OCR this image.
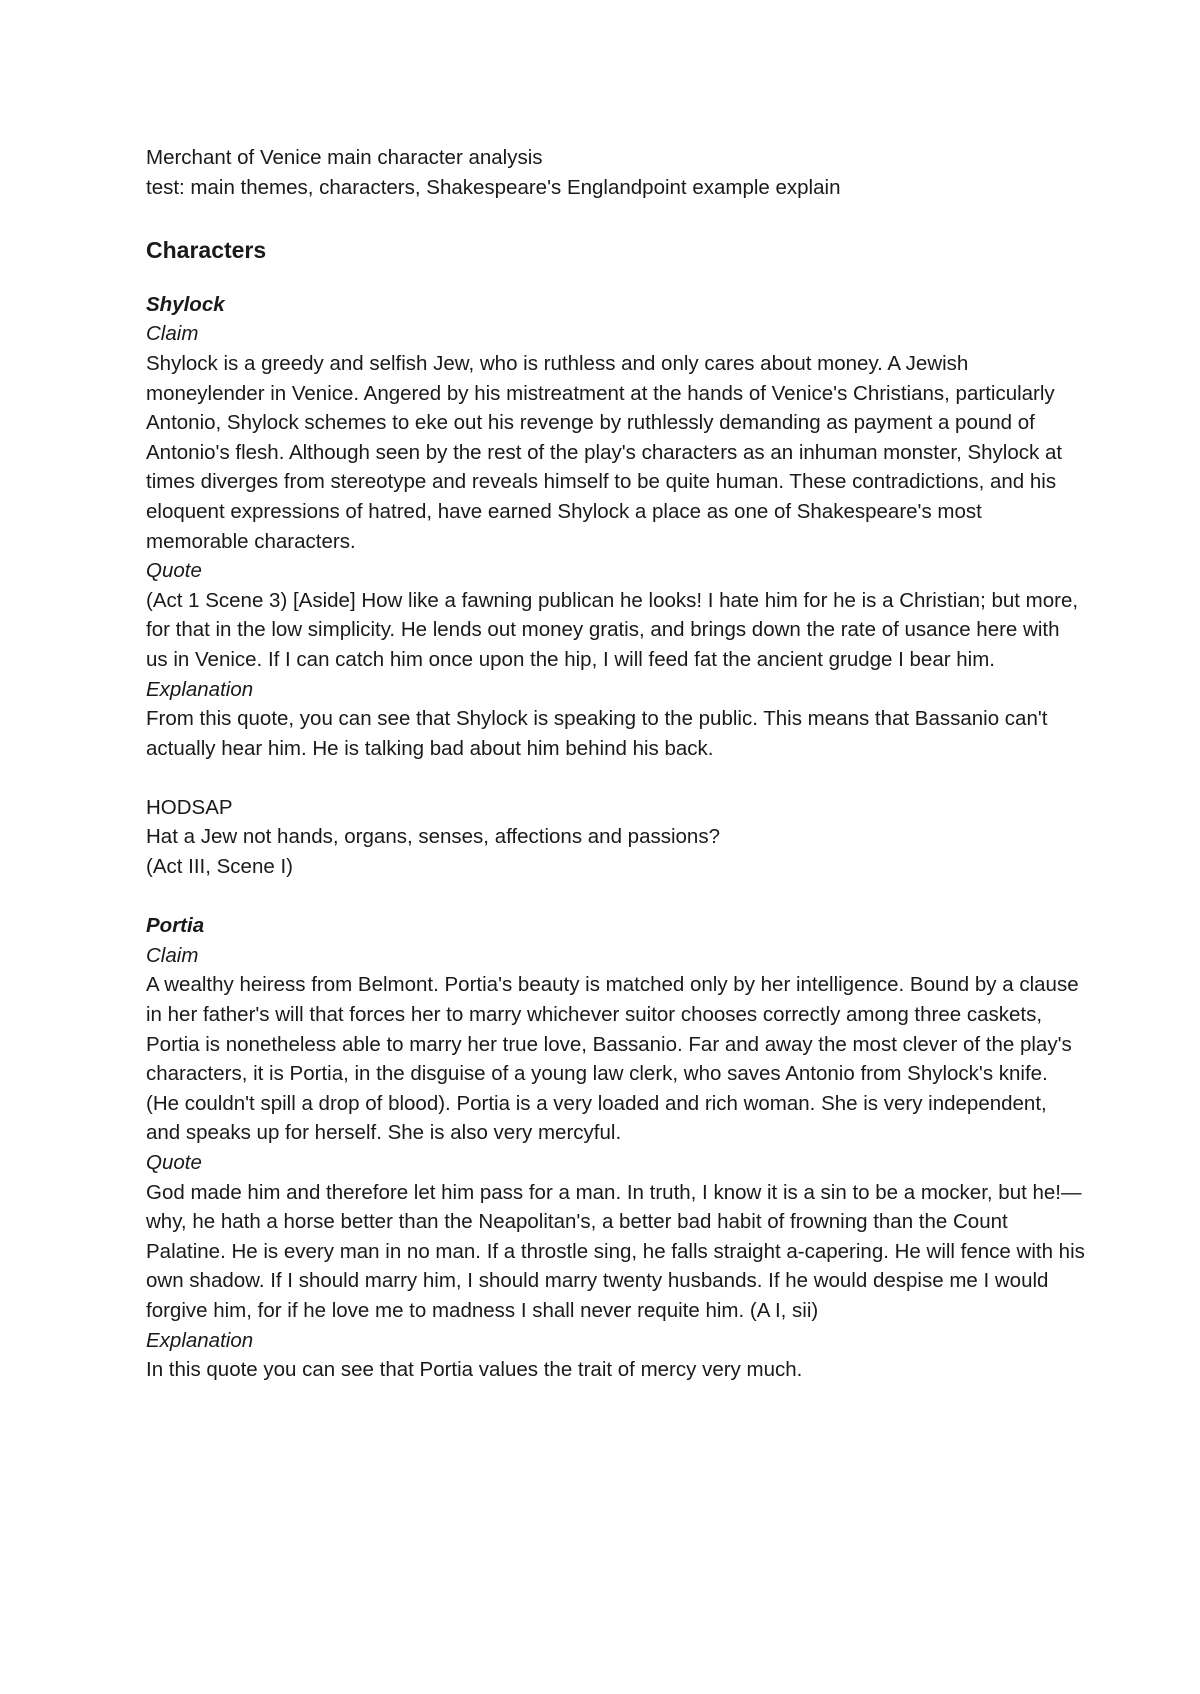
Merchant of Venice main character analysis
test: main themes, characters, Shakespeare's Englandpoint example explain
Characters
Shylock
Claim

Shylock is a greedy and selfish Jew, who is ruthless and only cares about money. A Jewish moneylender in Venice. Angered by his mistreatment at the hands of Venice's Christians, particularly Antonio, Shylock schemes to eke out his revenge by ruthlessly demanding as payment a pound of Antonio's flesh. Although seen by the rest of the play's characters as an inhuman monster, Shylock at times diverges from stereotype and reveals himself to be quite human. These contradictions, and his eloquent expressions of hatred, have earned Shylock a place as one of Shakespeare's most memorable characters.

Quote

(Act 1 Scene 3) [Aside] How like a fawning publican he looks! I hate him for he is a Christian; but more, for that in the low simplicity. He lends out money gratis, and brings down the rate of usance here with us in Venice. If I can catch him once upon the hip, I will feed fat the ancient grudge I bear him.

Explanation

From this quote, you can see that Shylock is speaking to the public. This means that Bassanio can't actually hear him. He is talking bad about him behind his back.

HODSAP
Hat a Jew not hands, organs, senses, affections and passions?
(Act III, Scene I)
Portia
Claim

A wealthy heiress from Belmont. Portia's beauty is matched only by her intelligence. Bound by a clause in her father's will that forces her to marry whichever suitor chooses correctly among three caskets, Portia is nonetheless able to marry her true love, Bassanio. Far and away the most clever of the play's characters, it is Portia, in the disguise of a young law clerk, who saves Antonio from Shylock's knife. (He couldn't spill a drop of blood). Portia is a very loaded and rich woman. She is very independent, and speaks up for herself. She is also very mercyful.

Quote

God made him and therefore let him pass for a man. In truth, I know it is a sin to be a mocker, but he!—why, he hath a horse better than the Neapolitan's, a better bad habit of frowning than the Count Palatine. He is every man in no man. If a throstle sing, he falls straight a-capering. He will fence with his own shadow. If I should marry him, I should marry twenty husbands. If he would despise me I would forgive him, for if he love me to madness I shall never requite him. (A I, sii)

Explanation

In this quote you can see that Portia values the trait of mercy very much.
